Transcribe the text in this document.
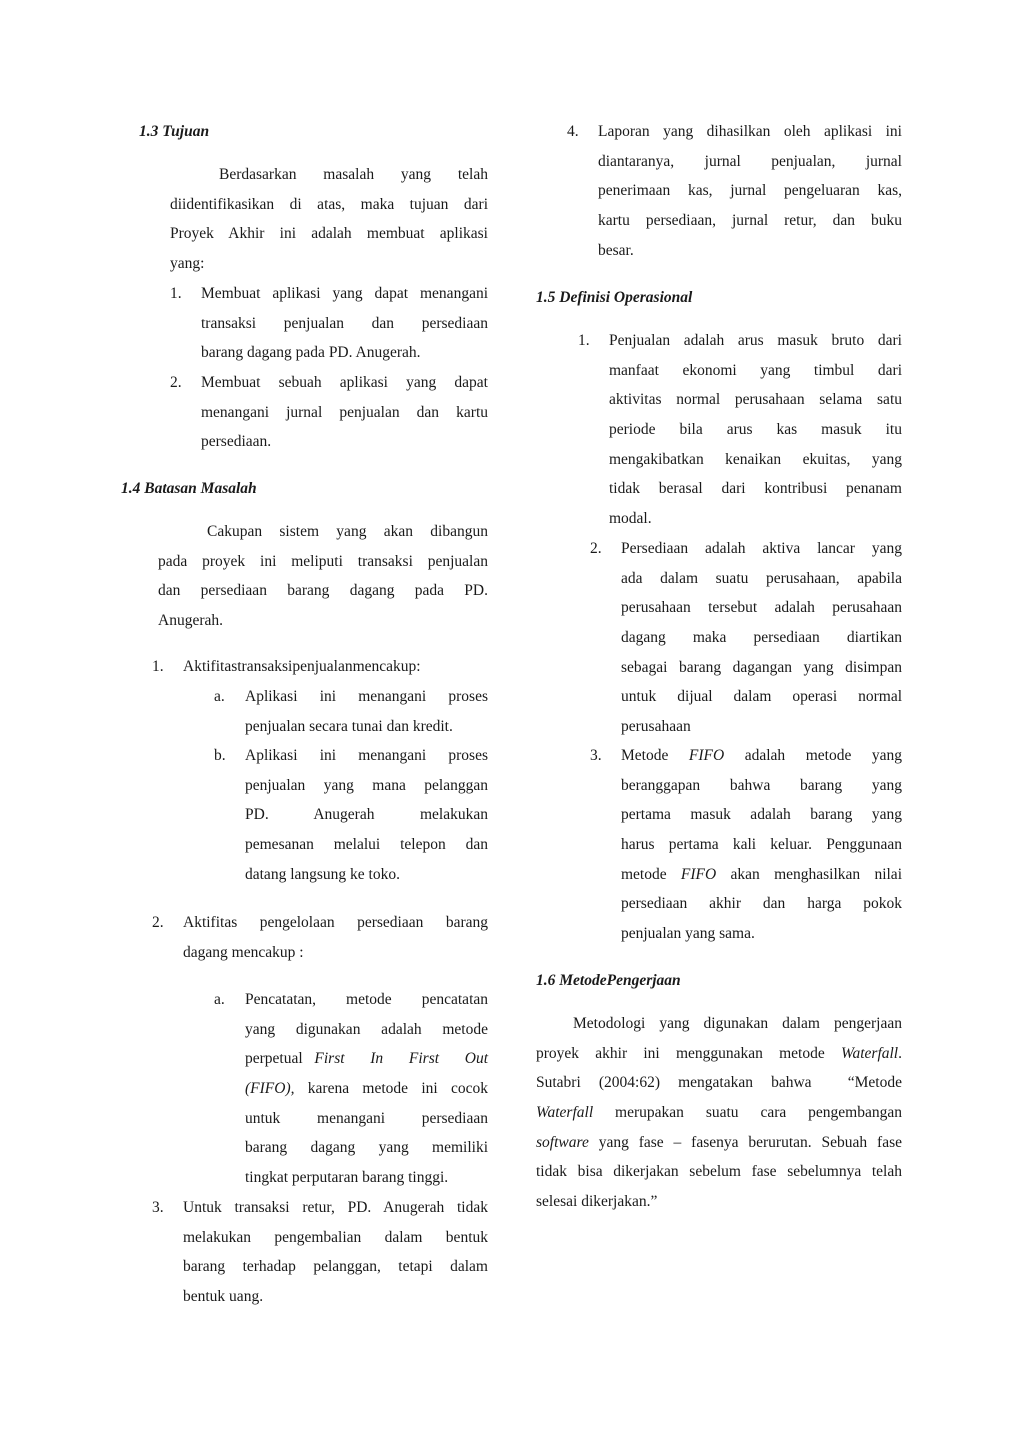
1.3 Tujuan
Berdasarkan masalah yang telah
diidentifikasikan di atas, maka tujuan dari
Proyek Akhir ini adalah membuat aplikasi
yang:
1. Membuat aplikasi yang dapat menangani
transaksi penjualan dan persediaan
barang dagang pada PD. Anugerah.
2. Membuat sebuah aplikasi yang dapat
menangani jurnal penjualan dan kartu
persediaan.
1.4 Batasan Masalah
Cakupan sistem yang akan dibangun
pada proyek ini meliputi transaksi penjualan
dan persediaan barang dagang pada PD.
Anugerah.
1. Aktifitastransaksipenjualanmencakup:
a. Aplikasi ini menangani proses
penjualan secara tunai dan kredit.
b. Aplikasi ini menangani proses
penjualan yang mana pelanggan
PD. Anugerah melakukan
pemesanan melalui telepon dan
datang langsung ke toko.
2. Aktifitas pengelolaan persediaan barang
dagang mencakup :
a. Pencatatan, metode pencatatan
yang digunakan adalah metode
perpetual First In First Out
(FIFO), karena metode ini cocok
untuk menangani persediaan
barang dagang yang memiliki
tingkat perputaran barang tinggi.
3. Untuk transaksi retur, PD. Anugerah tidak
melakukan pengembalian dalam bentuk
barang terhadap pelanggan, tetapi dalam
bentuk uang.
4. Laporan yang dihasilkan oleh aplikasi ini
diantaranya, jurnal penjualan, jurnal
penerimaan kas, jurnal pengeluaran kas,
kartu persediaan, jurnal retur, dan buku
besar.
1.5 Definisi Operasional
1. Penjualan adalah arus masuk bruto dari
manfaat ekonomi yang timbul dari
aktivitas normal perusahaan selama satu
periode bila arus kas masuk itu
mengakibatkan kenaikan ekuitas, yang
tidak berasal dari kontribusi penanam
modal.
2. Persediaan adalah aktiva lancar yang
ada dalam suatu perusahaan, apabila
perusahaan tersebut adalah perusahaan
dagang maka persediaan diartikan
sebagai barang dagangan yang disimpan
untuk dijual dalam operasi normal
perusahaan
3. Metode FIFO adalah metode yang
beranggapan bahwa barang yang
pertama masuk adalah barang yang
harus pertama kali keluar. Penggunaan
metode FIFO akan menghasilkan nilai
persediaan akhir dan harga pokok
penjualan yang sama.
1.6 MetodePengerjaan
Metodologi yang digunakan dalam pengerjaan
proyek akhir ini menggunakan metode Waterfall.
Sutabri (2004:62) mengatakan bahwa  “Metode
Waterfall merupakan suatu cara pengembangan
software yang fase – fasenya berurutan. Sebuah fase
tidak bisa dikerjakan sebelum fase sebelumnya telah
selesai dikerjakan.”
